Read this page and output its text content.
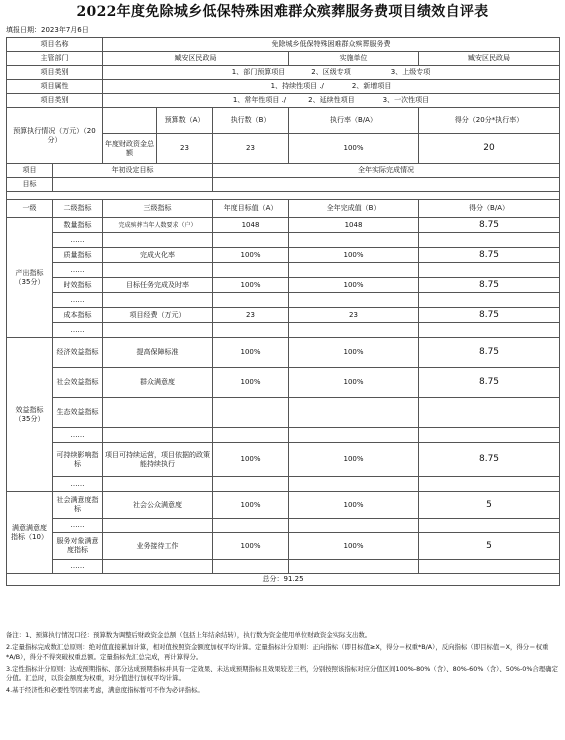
2022年度免除城乡低保特殊困难群众殡葬服务费项目绩效自评表
填报日期：2023年7月6日
项目名称		免除城乡低保特殊困难群众殡葬服务费				
主管部门		臧安区民政局			实施单位	臧安区民政局
项目类别		1、部门预算项目 2、区级专项 3、上级专项				
项目属性		1、持续性项目 ./ 2、新增项目				
项目类别		1、常年性项目 ./ 2、延续性项目 3、一次性项目				
预算执行情况（万元）（20分）			预算数（A）	执行数（B）	执行率（B/A）	得分（20分*执行率）
		年度财政资金总额	23	23	100%	20
项目	年初设定目标			全年实际完成情况		
目标						

一级	二级指标	三级指标		年度目标值（A）	全年完成值（B）	得分（B/A）
产出指标（35分）	数量指标	完成殡葬当年人数要求（户）		1048	1048	8.75
	……					
	质量指标	完成火化率		100%	100%	8.75
	……					
	时效指标	目标任务完成及时率		100%	100%	8.75
	……					
	成本指标	项目经费（万元）		23	23	8.75
	……					
效益指标（35分）	经济效益指标	提高保障标准		100%	100%	8.75

	社会效益指标	群众满意度		100%	100%	8.75

	生态效益指标					

	……					
	可持续影响指标	项目可持续运营，项目依据的政策能持续执行		100%	100%	8.75

	……					
满意满意度指标（10）	社会满意度指标	社会公众满意度		100%	100%	5
	……					
	服务对象满意度指标	业务接待工作		100%	100%	5
	……					
总分：91.25						

备注：1、预算执行情况口径：预算数为调整后财政资金总额（包括上年结余结转），执行数为资金使用单位财政资金实际支出数。

2.定量指标完成数汇总原则：绝对值直接累加计算，相对值按照资金额度加权平均计算。定量指标计分原则：正向指标（即目标值≥X，得分＝权重*B/A），反向指标（即目标值＝X，得分＝权重*A/B），得分不得突破权重总额。定量指标先汇总完成，再计算得分。

3.定性指标计分原则：达成预期指标、部分达成预期指标并具有一定效果、未达成预期指标且效果较差三档，分别按照该指标对应分值区间100%-80%（含）、80%-60%（含）、50%-0%合理确定分值。汇总时，以资金额度为权重，对分值进行加权平均计算。

4.基于经济性和必要性等因素考虑，满意度指标暂可不作为必评指标。
